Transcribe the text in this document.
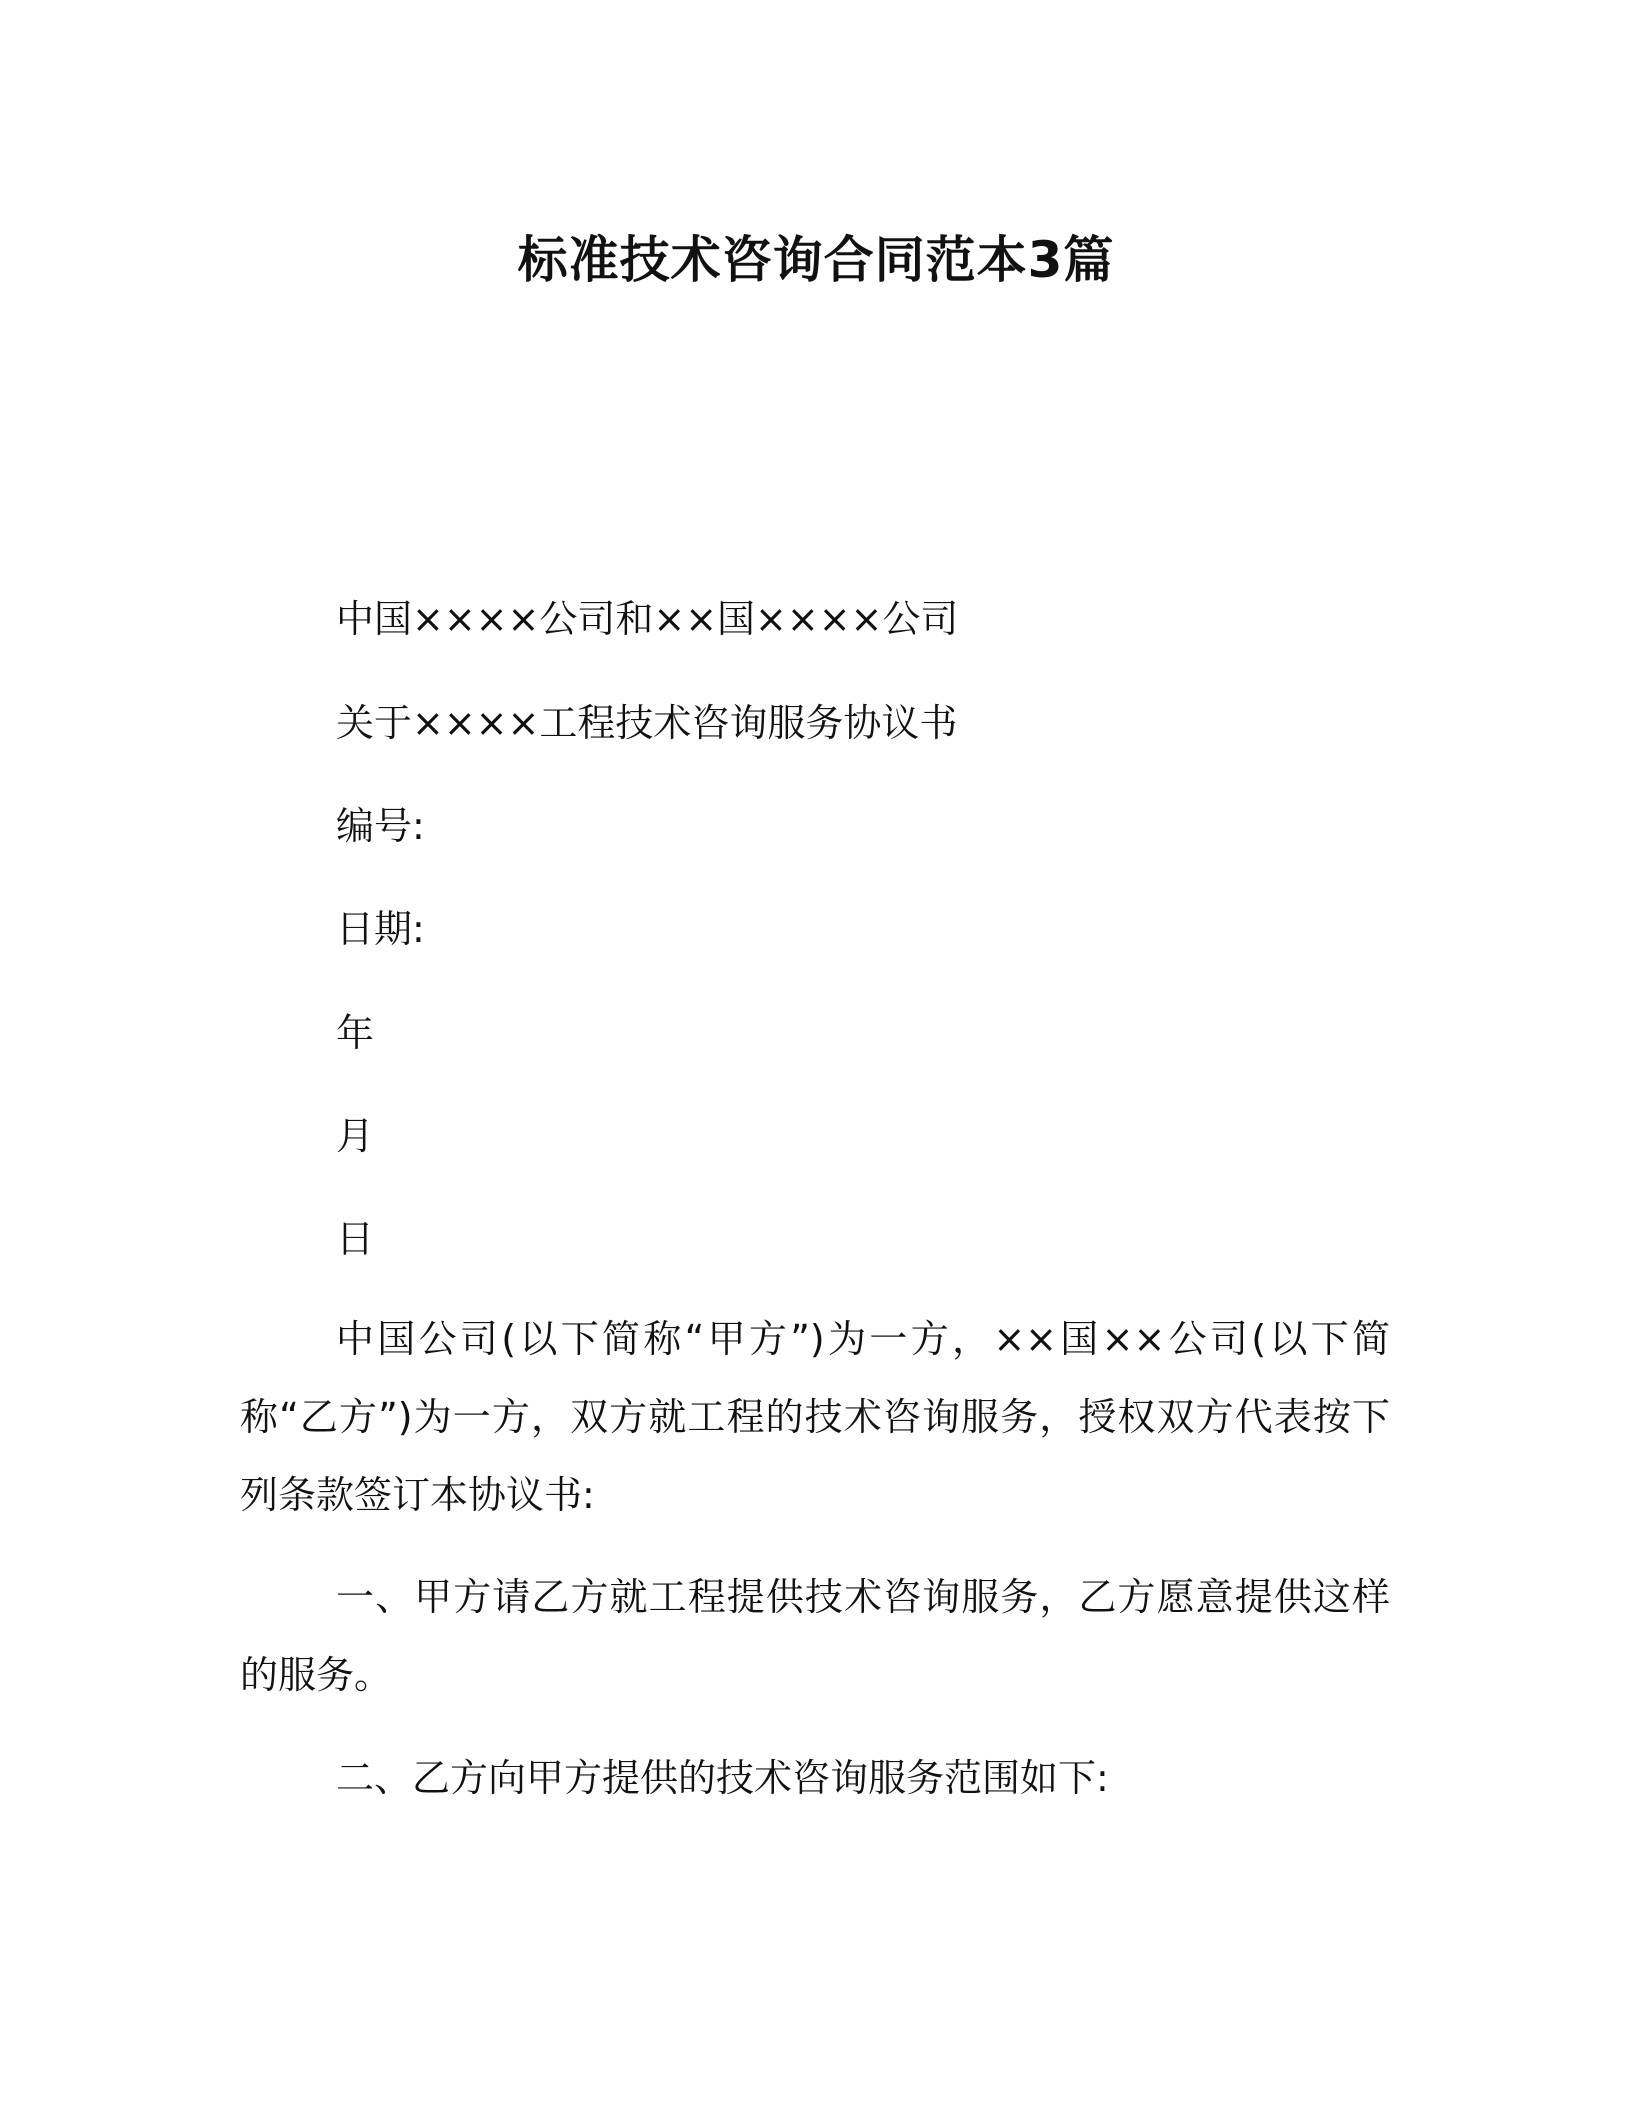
标准技术咨询合同范本3篇
中国××××公司和××国××××公司
关于××××工程技术咨询服务协议书
编号:
日期:
年
月
日
中国公司(以下简称“甲方”)为一方，××国××公司(以下简称“乙方”)为一方，双方就工程的技术咨询服务，授权双方代表按下列条款签订本协议书:
一、甲方请乙方就工程提供技术咨询服务，乙方愿意提供这样的服务。
二、乙方向甲方提供的技术咨询服务范围如下:
